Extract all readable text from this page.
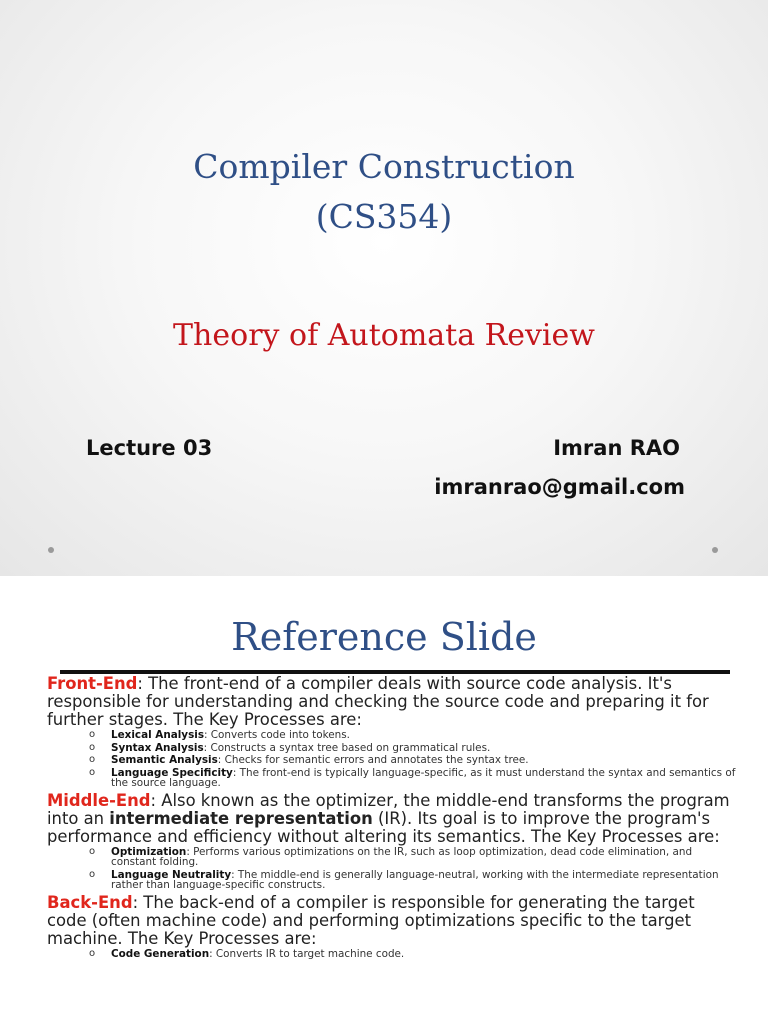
Compiler Construction
(CS354)
Theory of Automata Review
Lecture 03	Imran RAO
imranrao@gmail.com
Reference Slide

Front-End: The front-end of a compiler deals with source code analysis. It's responsible for understanding and checking the source code and preparing it for further stages. The Key Processes are:

o Lexical Analysis: Converts code into tokens.
o Syntax Analysis: Constructs a syntax tree based on grammatical rules.
o Semantic Analysis: Checks for semantic errors and annotates the syntax tree.
o Language Specificity: The front-end is typically language-specific, as it must understand the syntax and semantics of the source language.

Middle-End: Also known as the optimizer, the middle-end transforms the program into an intermediate representation (IR). Its goal is to improve the program's performance and efficiency without altering its semantics. The Key Processes are:

o Optimization: Performs various optimizations on the IR, such as loop optimization, dead code elimination, and constant folding.
o Language Neutrality: The middle-end is generally language-neutral, working with the intermediate representation rather than language-specific constructs.

Back-End: The back-end of a compiler is responsible for generating the target code (often machine code) and performing optimizations specific to the target machine. The Key Processes are:

o Code Generation: Converts IR to target machine code.
